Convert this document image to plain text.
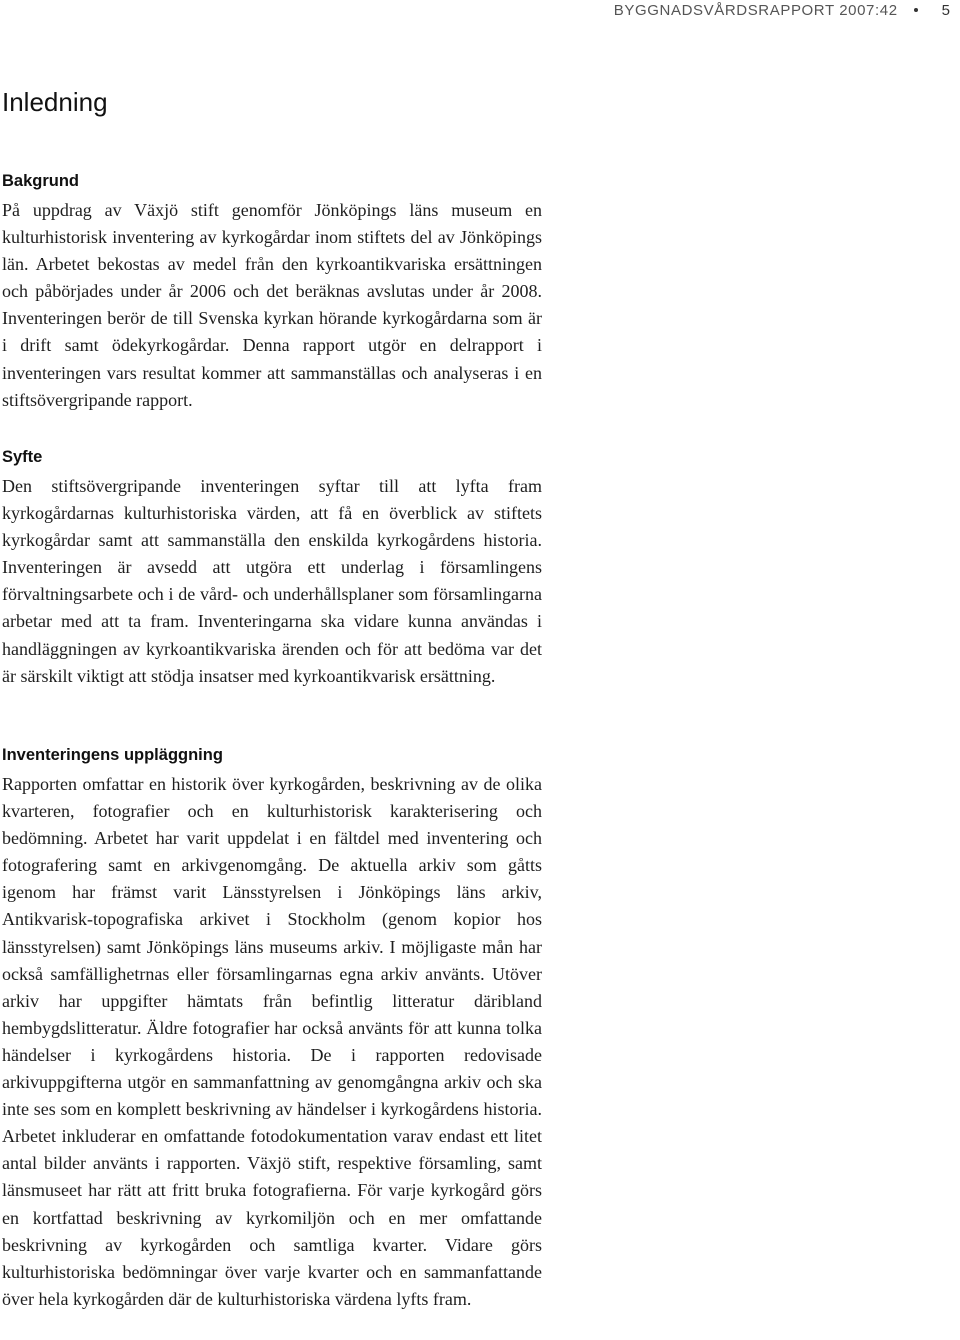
BYGGNADSVÅRDSRAPPORT 2007:42	5
Inledning
Bakgrund

På uppdrag av Växjö stift genomför Jönköpings läns museum en kulturhistorisk inventering av kyrkogårdar inom stiftets del av Jönköpings län. Arbetet bekostas av medel från den kyrkoantikvariska ersättningen och påbörjades under år 2006 och det beräknas avslutas under år 2008. Inventeringen berör de till Svenska kyrkan hörande kyrkogårdarna som är i drift samt ödekyrkogårdar. Denna rapport utgör en delrapport i inventeringen vars resultat kommer att sammanställas och analyseras i en stiftsövergripande rapport.

Syfte

Den stiftsövergripande inventeringen syftar till att lyfta fram kyrkogårdarnas kulturhistoriska värden, att få en överblick av stiftets kyrkogårdar samt att sammanställa den enskilda kyrkogårdens historia. Inventeringen är avsedd att utgöra ett underlag i församlingens förvaltningsarbete och i de vård- och underhållsplaner som församlingarna arbetar med att ta fram. Inventeringarna ska vidare kunna användas i handläggningen av kyrkoantikvariska ärenden och för att bedöma var det är särskilt viktigt att stödja insatser med kyrkoantikvarisk ersättning.

Inventeringens uppläggning

Rapporten omfattar en historik över kyrkogården, beskrivning av de olika kvarteren, fotografier och en kulturhistorisk karakterisering och bedömning. Arbetet har varit uppdelat i en fältdel med inventering och fotografering samt en arkivgenomgång. De aktuella arkiv som gåtts igenom har främst varit Länsstyrelsen i Jönköpings läns arkiv, Antikvarisk-topografiska arkivet i Stockholm (genom kopior hos länsstyrelsen) samt Jönköpings läns museums arkiv. I möjligaste mån har också samfällighetrnas eller församlingarnas egna arkiv använts. Utöver arkiv har uppgifter hämtats från befintlig litteratur däribland hembygdslitteratur. Äldre fotografier har också använts för att kunna tolka händelser i kyrkogårdens historia. De i rapporten redovisade arkivuppgifterna utgör en sammanfattning av genomgångna arkiv och ska inte ses som en komplett beskrivning av händelser i kyrkogårdens historia. Arbetet inkluderar en omfattande fotodokumentation varav endast ett litet antal bilder använts i rapporten. Växjö stift, respektive församling, samt länsmuseet har rätt att fritt bruka fotografierna. För varje kyrkogård görs en kortfattad beskrivning av kyrkomiljön och en mer omfattande beskrivning av kyrkogården och samtliga kvarter. Vidare görs kulturhistoriska bedömningar över varje kvarter och en sammanfattande över hela kyrkogården där de kulturhistoriska värdena lyfts fram.
